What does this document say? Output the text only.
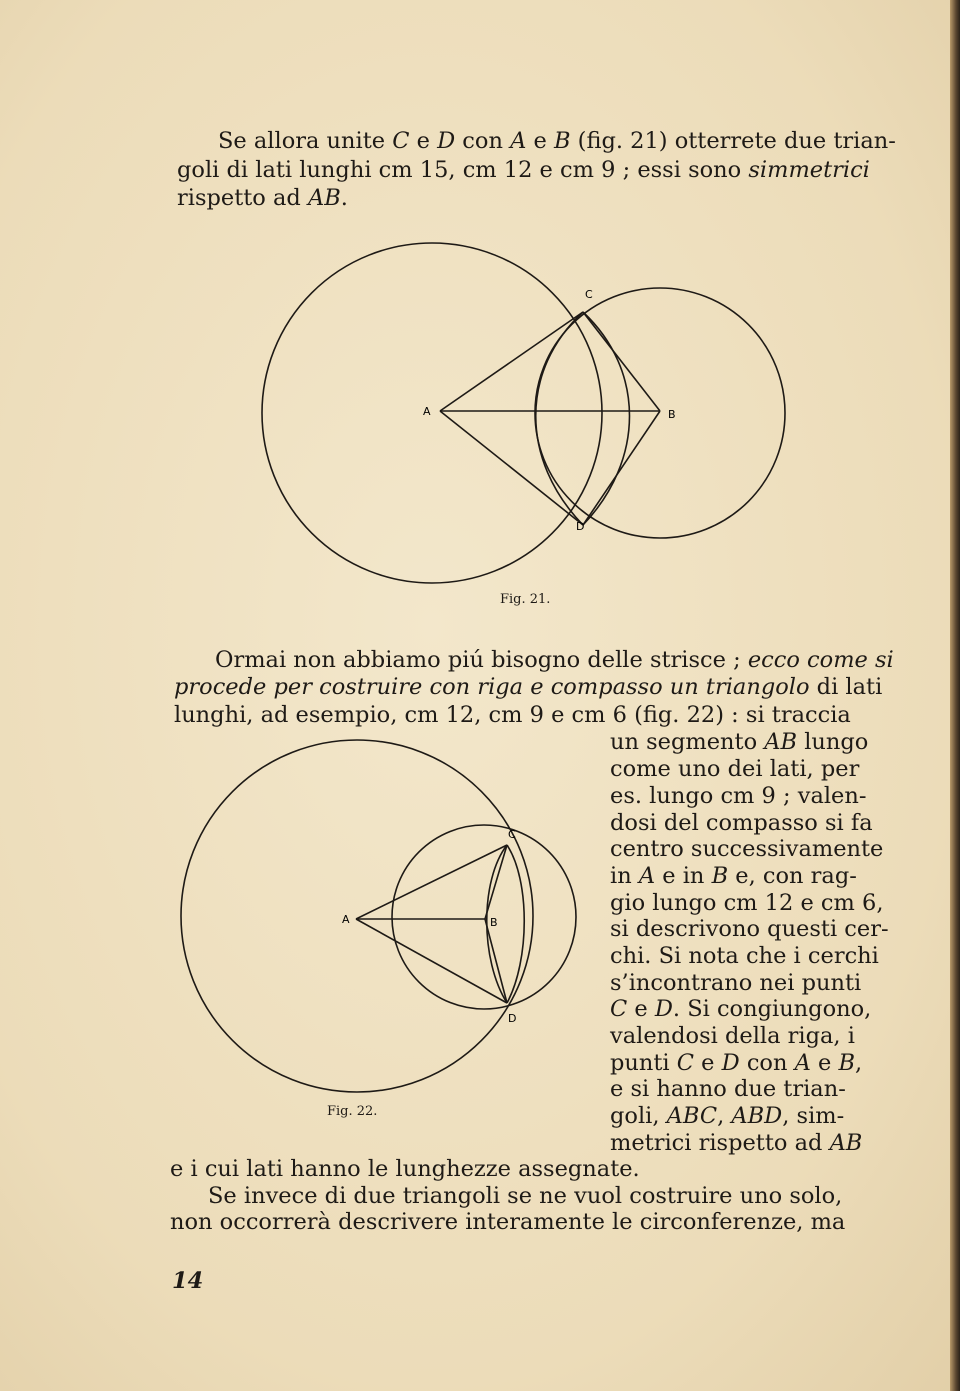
Se allora unite C e D con A e B (fig. 21) otterrete due trian-
goli di lati lunghi cm 15, cm 12 e cm 9 ; essi sono simmetrici
rispetto ad AB.
A	B
C
D
A	B
C
D
Fig. 21.
Ormai non abbiamo piú bisogno delle strisce ; ecco come si
procede per costruire con riga e compasso un triangolo di lati
lunghi, ad esempio, cm 12, cm 9 e cm 6 (fig. 22) : si traccia
un segmento AB lungo
come uno dei lati, per
es. lungo cm 9 ; valen-
dosi del compasso si fa
centro successivamente
in A e in B e, con rag-
gio lungo cm 12 e cm 6,
si descrivono questi cer-
chi. Si nota che i cerchi
s’incontrano nei punti
C e D. Si congiungono,
valendosi della riga, i
punti C e D con A e B,
e si hanno due trian-
goli, ABC, ABD, sim-
metrici rispetto ad AB
Fig. 22.
e i cui lati hanno le lunghezze assegnate.
Se invece di due triangoli se ne vuol costruire uno solo,
non occorrerà descrivere interamente le circonferenze, ma
14
